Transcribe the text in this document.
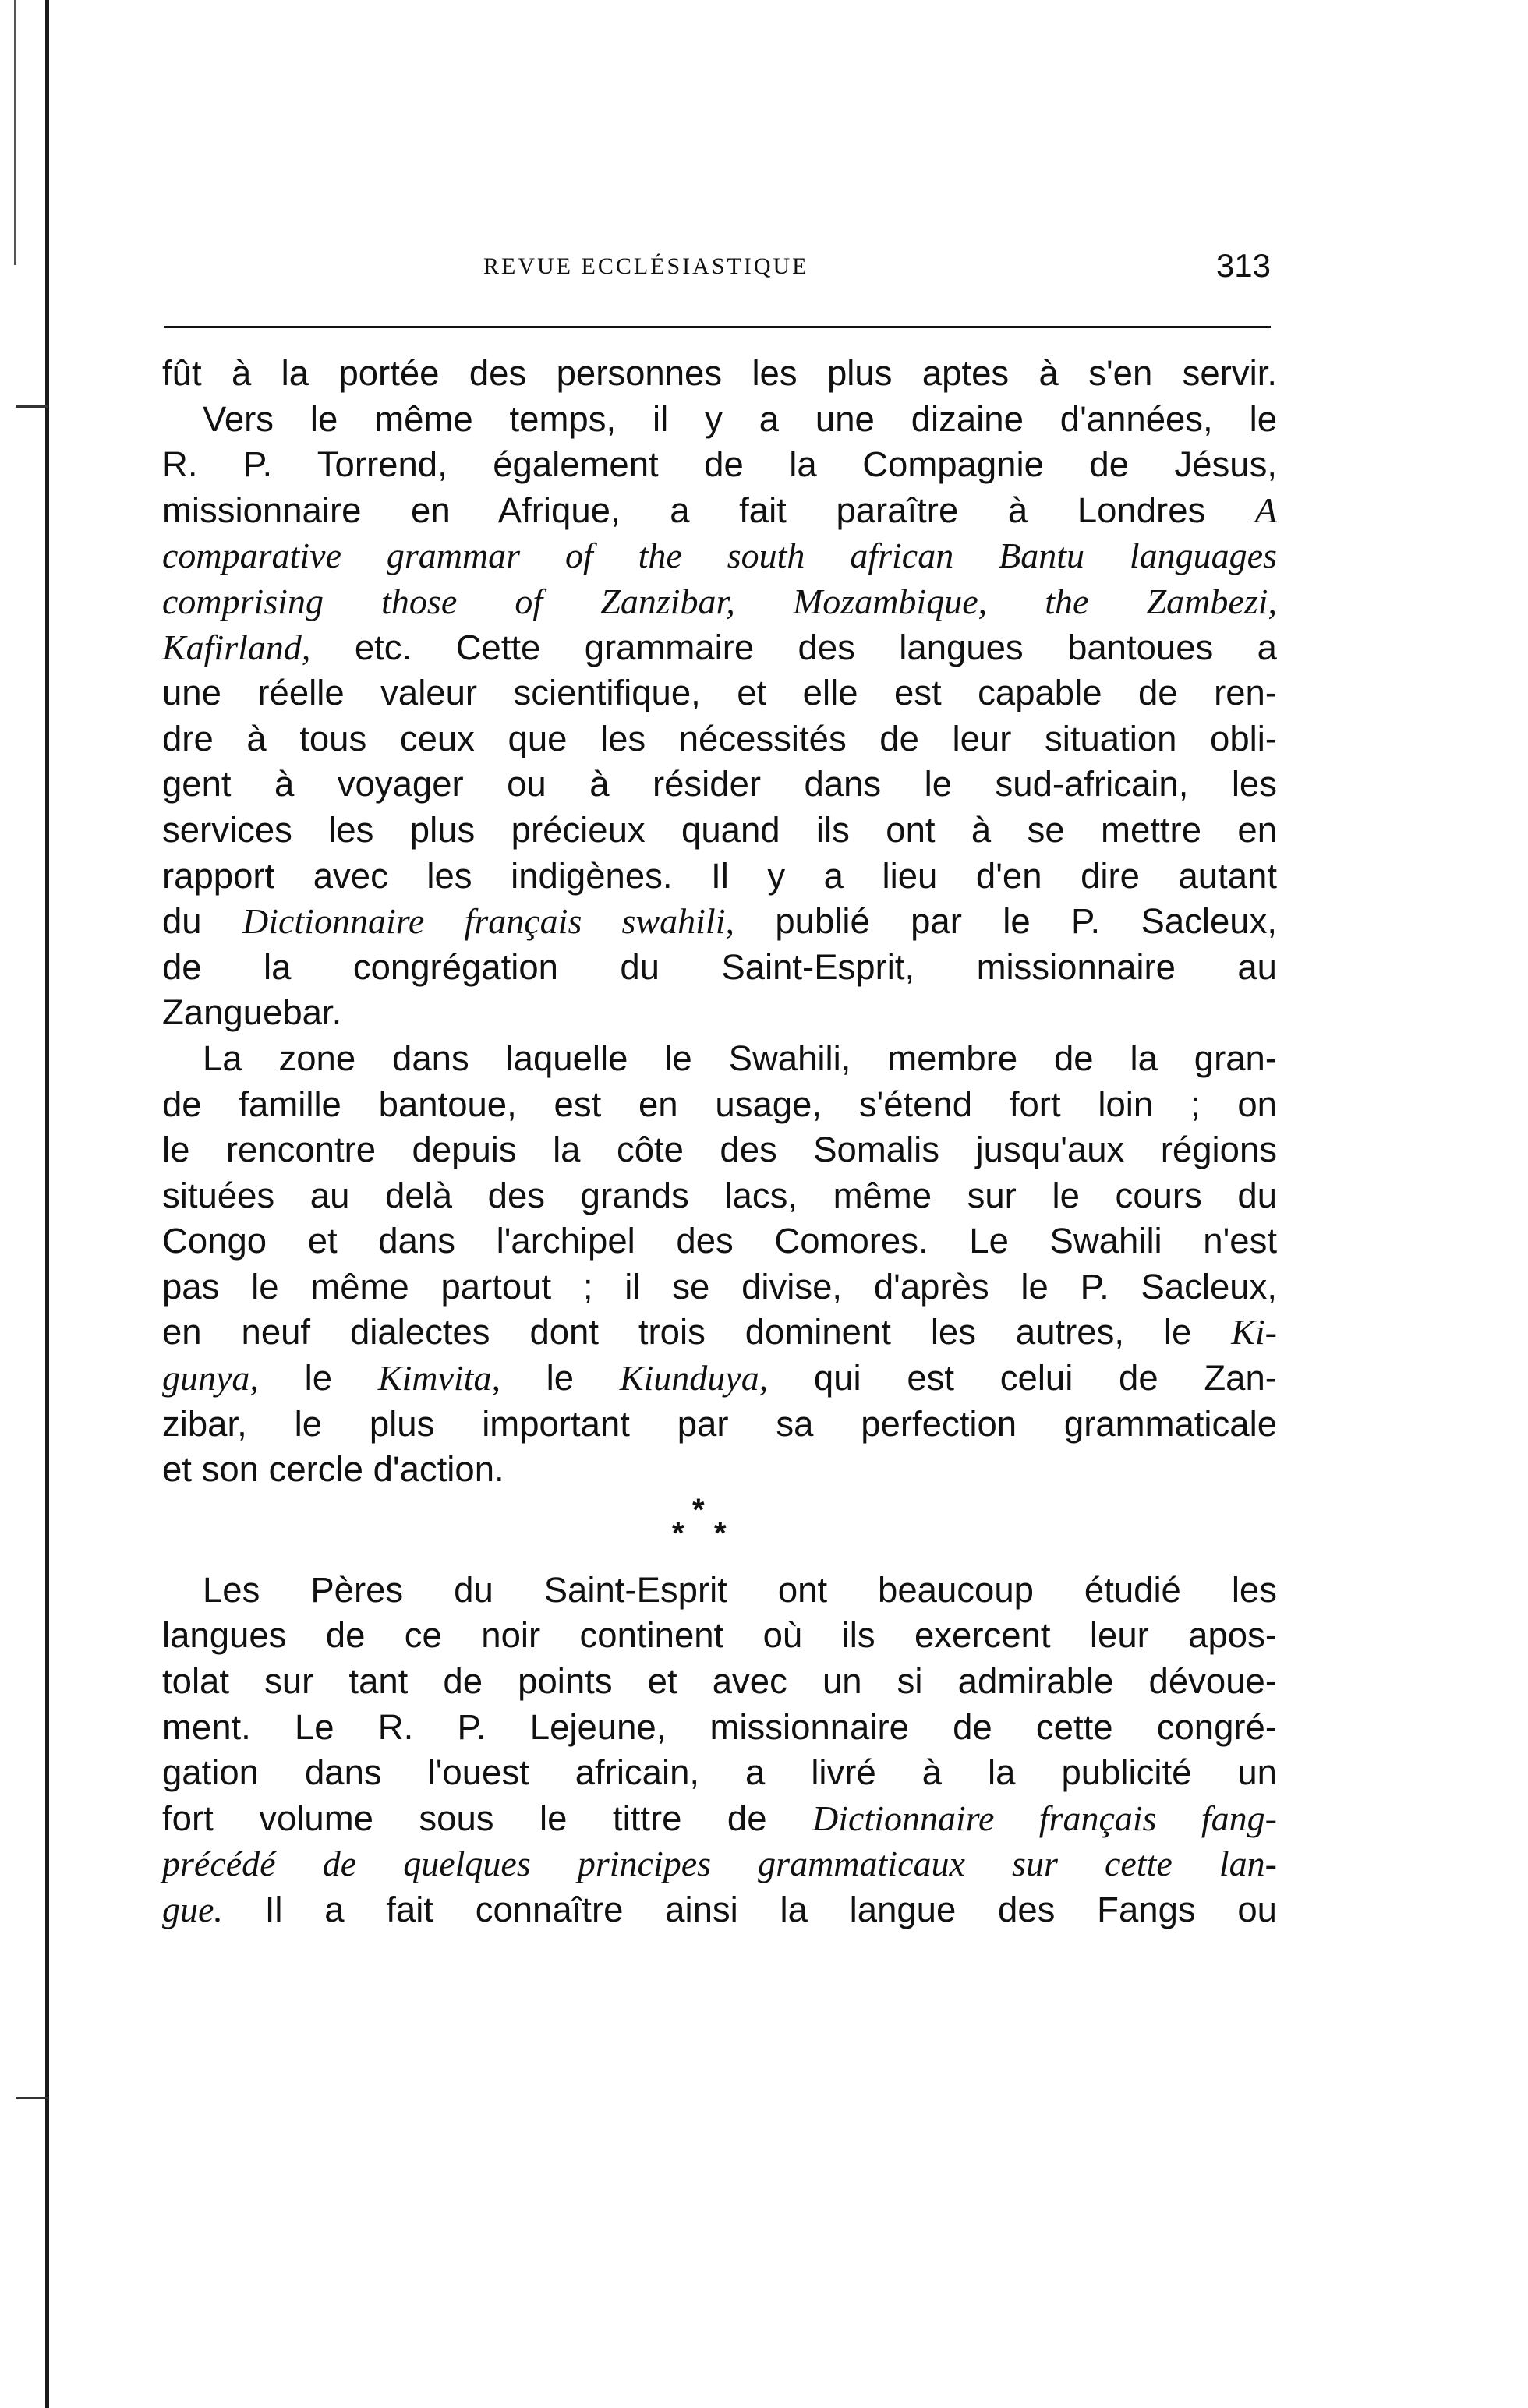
REVUE ECCLÉSIASTIQUE	313
fût à la portée des personnes les plus aptes à s'en servir.
Vers le même temps, il y a une dizaine d'années, le
R. P. Torrend, également de la Compagnie de Jésus,
missionnaire en Afrique, a fait paraître à Londres A
comparative grammar of the south african Bantu languages
comprising those of Zanzibar, Mozambique, the Zambezi,
Kafirland, etc. Cette grammaire des langues bantoues a
une réelle valeur scientifique, et elle est capable de ren-
dre à tous ceux que les nécessités de leur situation obli-
gent à voyager ou à résider dans le sud-africain, les
services les plus précieux quand ils ont à se mettre en
rapport avec les indigènes. Il y a lieu d'en dire autant
du Dictionnaire français swahili, publié par le P. Sacleux,
de la congrégation du Saint-Esprit, missionnaire au
Zanguebar.
La zone dans laquelle le Swahili, membre de la gran-
de famille bantoue, est en usage, s'étend fort loin ; on
le rencontre depuis la côte des Somalis jusqu'aux régions
situées au delà des grands lacs, même sur le cours du
Congo et dans l'archipel des Comores. Le Swahili n'est
pas le même partout ; il se divise, d'après le P. Sacleux,
en neuf dialectes dont trois dominent les autres, le Ki-
gunya, le Kimvita, le Kiunduya, qui est celui de Zan-
zibar, le plus important par sa perfection grammaticale
et son cercle d'action.
*
* *
Les Pères du Saint-Esprit ont beaucoup étudié les
langues de ce noir continent où ils exercent leur apos-
tolat sur tant de points et avec un si admirable dévoue-
ment. Le R. P. Lejeune, missionnaire de cette congré-
gation dans l'ouest africain, a livré à la publicité un
fort volume sous le tittre de Dictionnaire français fang-
précédé de quelques principes grammaticaux sur cette lan-
gue. Il a fait connaître ainsi la langue des Fangs ou
